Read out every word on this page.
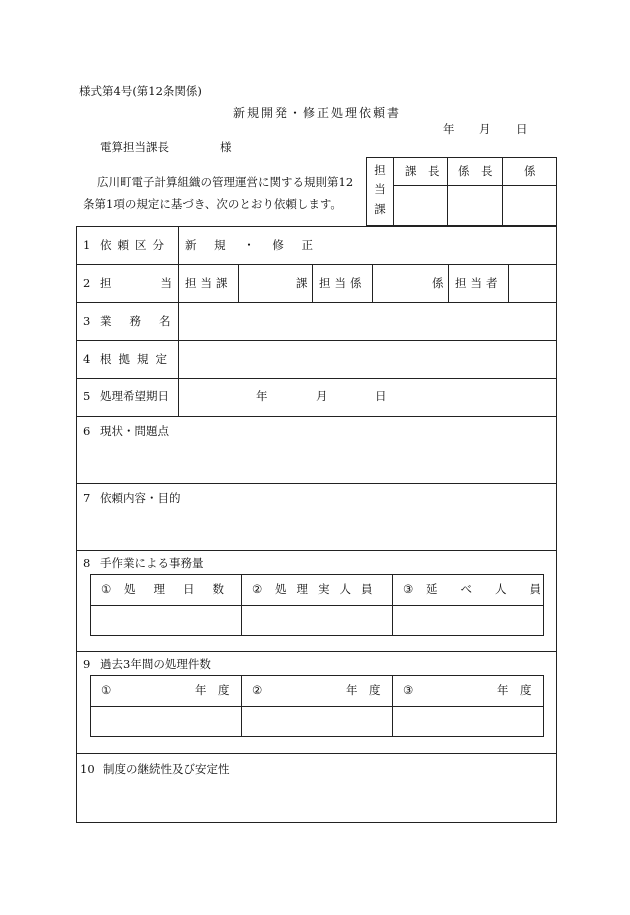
様式第4号(第12条関係)
新規開発・修正処理依頼書
年 月 日
電算担当課長	様
広川町電子計算組織の管理運営に関する規則第12
条第1項の規定に基づき、次のとおり依頼します。
担
当
課
課　長 係　長	係
1 依頼区分 新 規 ・ 修 正
2 担	当 担当課	課 担当係	係 担当者
3 業務名
4 根拠規定
5 処理希望期日	年	月	日
6 現状・問題点
7 依頼内容・目的
8 手作業による事務量
① 処理日数 ② 処理実人員 ③ 延べ人員
9 過去3年間の処理件数
①	年　度 ②	年　度 ③	年　度
10 制度の継続性及び安定性
